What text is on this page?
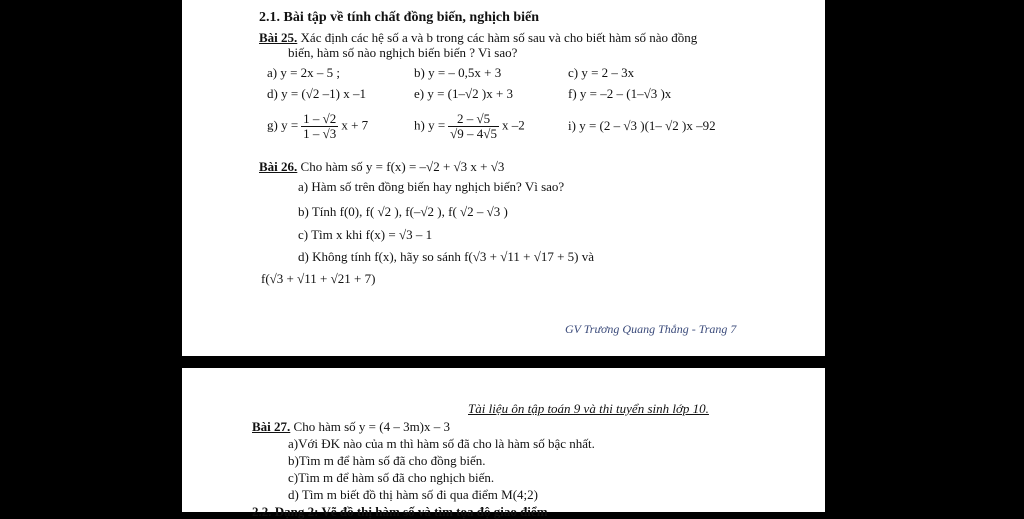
2.1. Bài tập về tính chất đồng biến, nghịch biến
Bài 25. Xác định các hệ số a và b trong các hàm số sau và cho biết hàm số nào đồng
biến, hàm số nào nghịch biến biến ? Vì sao?
a) y = 2x – 5 ;	b) y = – 0,5x + 3	c) y = 2 – 3x
d) y = (√2 –1) x –1	e) y = (1–√2 )x + 3	f) y = –2 – (1–√3 )x
g) $y = \frac{1 - √2}{1 - √3}$ x + 7	h) $y = \frac{2 - √5}{√9 - 4√5}$ x –2	i) y = (2 – √3 )(1– √2 )x –92
Bài 26. Cho hàm số y = f(x) = –√2 + √3 x + √3
a) Hàm số trên đồng biến hay nghịch biến? Vì sao?
b) Tính f(0), f( √2 ), f(–√2 ), f( √2 – √3 )
c) Tìm x khi f(x) = √3 – 1
d) Không tính f(x), hãy so sánh f(√3 + √11 + √17 + 5) và
f(√3 + √11 + √21 + 7)
GV Trương Quang Thắng - Trang 7
Tài liệu ôn tập toán 9 và thi tuyển sinh lớp 10.
Bài 27. Cho hàm số y = (4 – 3m)x – 3
a)Với ĐK nào của m thì hàm số đã cho là hàm số bậc nhất.
b)Tìm m để hàm số đã cho đồng biến.
c)Tìm m để hàm số đã cho nghịch biến.
d) Tìm m biết đồ thị hàm số đi qua điểm M(4;2)
2.2. Dạng 2: Vẽ đồ thị hàm số và tìm tọa độ giao điểm
